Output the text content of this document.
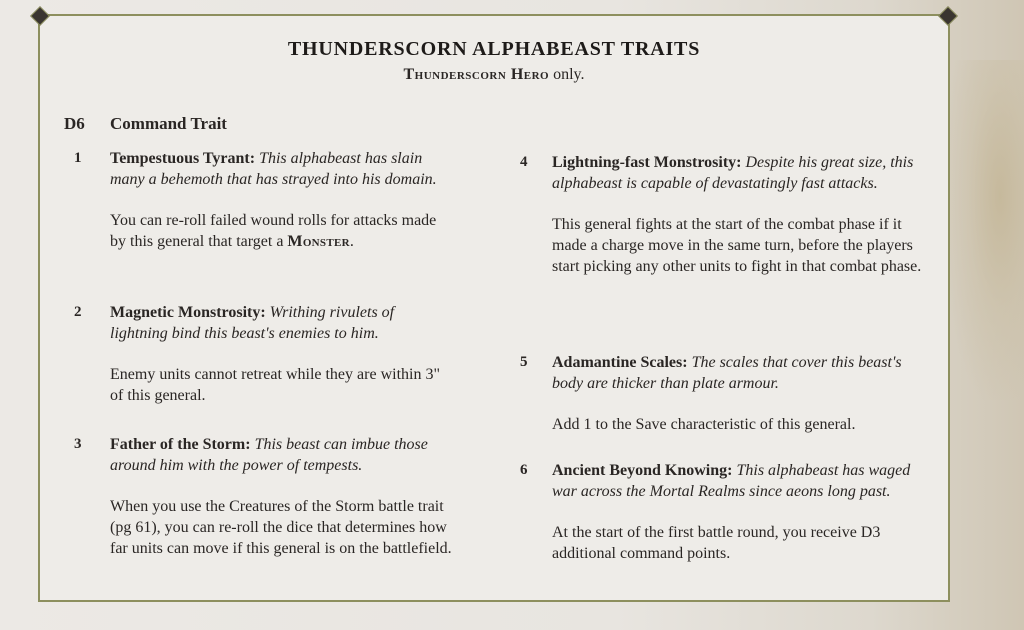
THUNDERSCORN ALPHABEAST TRAITS
Thunderscorn Hero only.
D6 Command Trait
1 Tempestuous Tyrant: This alphabeast has slain many a behemoth that has strayed into his domain.
You can re-roll failed wound rolls for attacks made by this general that target a Monster.
2 Magnetic Monstrosity: Writhing rivulets of lightning bind this beast's enemies to him.
Enemy units cannot retreat while they are within 3" of this general.
3 Father of the Storm: This beast can imbue those around him with the power of tempests.
When you use the Creatures of the Storm battle trait (pg 61), you can re-roll the dice that determines how far units can move if this general is on the battlefield.
4 Lightning-fast Monstrosity: Despite his great size, this alphabeast is capable of devastatingly fast attacks.
This general fights at the start of the combat phase if it made a charge move in the same turn, before the players start picking any other units to fight in that combat phase.
5 Adamantine Scales: The scales that cover this beast's body are thicker than plate armour.
Add 1 to the Save characteristic of this general.
6 Ancient Beyond Knowing: This alphabeast has waged war across the Mortal Realms since aeons long past.
At the start of the first battle round, you receive D3 additional command points.
